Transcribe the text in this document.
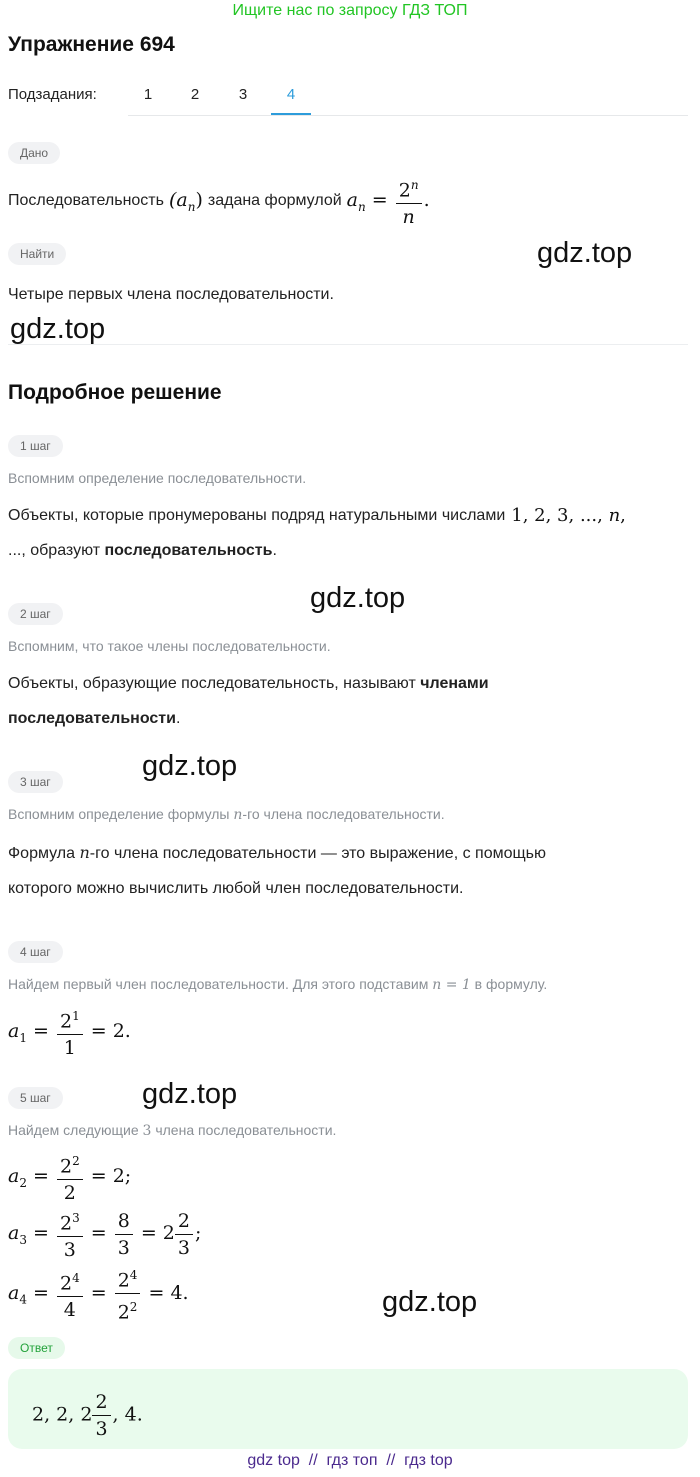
Ищите нас по запросу ГДЗ ТОП
Упражнение 694
Подзадания:	1	2	3	4
Дано
Последовательность $(a_n)$ задана формулой $a_n = \frac{2^n}{n}$ .
Найти
Четыре первых члена последовательности.
gdz.top
gdz.top
gdz.top
gdz.top
gdz.top
gdz.top
Подробное решение
1 шаг
Вспомним определение последовательности.
Объекты, которые пронумерованы подряд натуральными числами 1, 2, 3, ..., n,
..., образуют последовательность.
2 шаг
Вспомним, что такое члены последовательности.
Объекты, образующие последовательность, называют членами
последовательности.
3 шаг
Вспомним определение формулы n-го члена последовательности.
Формула n-го члена последовательности — это выражение, с помощью
которого можно вычислить любой член последовательности.
4 шаг
Найдем первый член последовательности. Для этого подставим n = 1 в формулу.
$a_1 = \frac{2^1}{1} = 2$.
5 шаг
Найдем следующие 3 члена последовательности.
$a_2 = \frac{2^2}{2} = 2$;
$a_3 = \frac{2^3}{3} = \frac{8}{3} = 2 \frac{2}{3}$ ;
$a_4 = \frac{2^4}{4} = \frac{2^4}{2^2} = 4$.
Ответ
2, 2, $2 \frac{2}{3}$ , 4.
gdz top  //  гдз топ  //  гдз top
